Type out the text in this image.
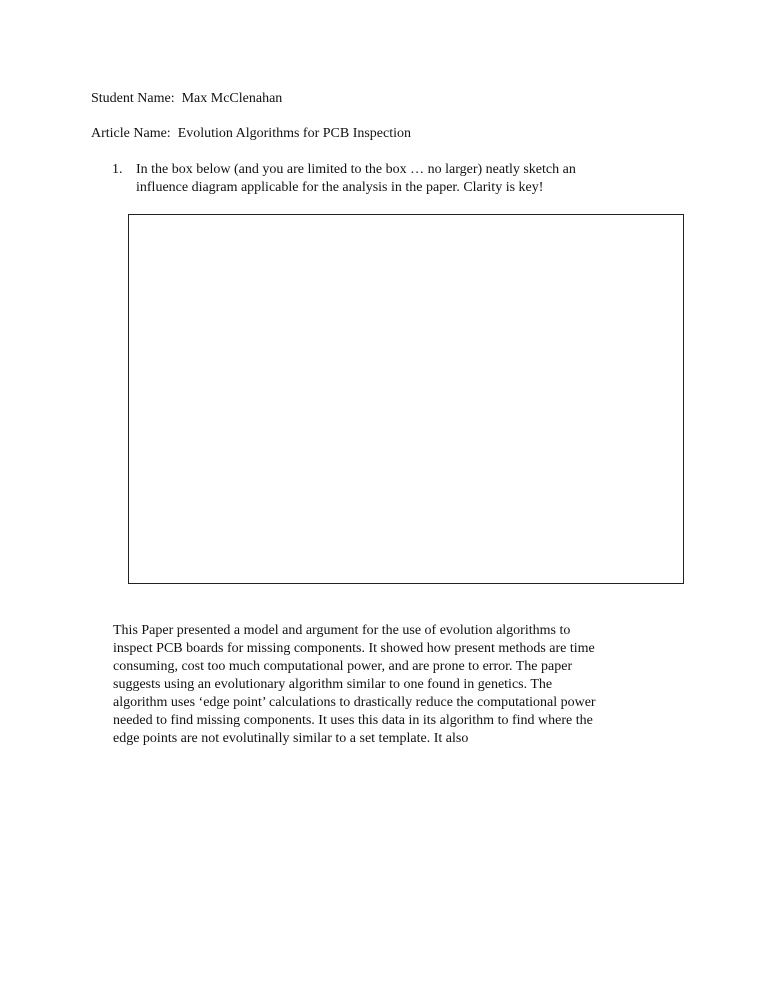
Student Name: Max McClenahan
Article Name: Evolution Algorithms for PCB Inspection
1. In the box below (and you are limited to the box … no larger) neatly sketch an
influence diagram applicable for the analysis in the paper. Clarity is key!
This Paper presented a model and argument for the use of evolution algorithms to
inspect PCB boards for missing components. It showed how present methods are time
consuming, cost too much computational power, and are prone to error. The paper
suggests using an evolutionary algorithm similar to one found in genetics. The
algorithm uses ‘edge point’ calculations to drastically reduce the computational power
needed to find missing components. It uses this data in its algorithm to find where the
edge points are not evolutinally similar to a set template. It also
